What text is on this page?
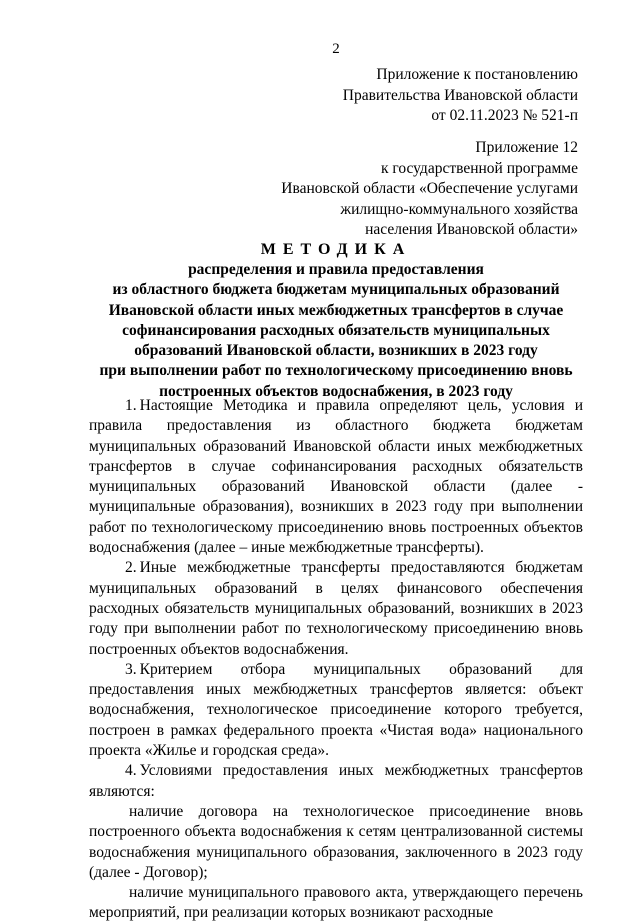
2
Приложение к постановлению
Правительства Ивановской области
от 02.11.2023 № 521-п
Приложение 12
к государственной программе
Ивановской области «Обеспечение услугами
жилищно-коммунального хозяйства
населения Ивановской области»
МЕТОДИКА
распределения и правила предоставления
из областного бюджета бюджетам муниципальных образований
Ивановской области иных межбюджетных трансфертов в случае
софинансирования расходных обязательств муниципальных
образований Ивановской области, возникших в 2023 году
при выполнении работ по технологическому присоединению вновь
построенных объектов водоснабжения, в 2023 году

1. Настоящие Методика и правила определяют цель, условия и правила предоставления из областного бюджета бюджетам муниципальных образований Ивановской области иных межбюджетных трансфертов в случае софинансирования расходных обязательств муниципальных образований Ивановской области (далее - муниципальные образования), возникших в 2023 году при выполнении работ по технологическому присоединению вновь построенных объектов водоснабжения (далее – иные межбюджетные трансферты).

2. Иные межбюджетные трансферты предоставляются бюджетам муниципальных образований в целях финансового обеспечения расходных обязательств муниципальных образований, возникших в 2023 году при выполнении работ по технологическому присоединению вновь построенных объектов водоснабжения.

3. Критерием отбора муниципальных образований для предоставления иных межбюджетных трансфертов является: объект водоснабжения, технологическое присоединение которого требуется, построен в рамках федерального проекта «Чистая вода» национального проекта «Жилье и городская среда».

4. Условиями предоставления иных межбюджетных трансфертов являются:

наличие договора на технологическое присоединение вновь построенного объекта водоснабжения к сетям централизованной системы водоснабжения муниципального образования, заключенного в 2023 году (далее - Договор);

наличие муниципального правового акта, утверждающего перечень мероприятий, при реализации которых возникают расходные
